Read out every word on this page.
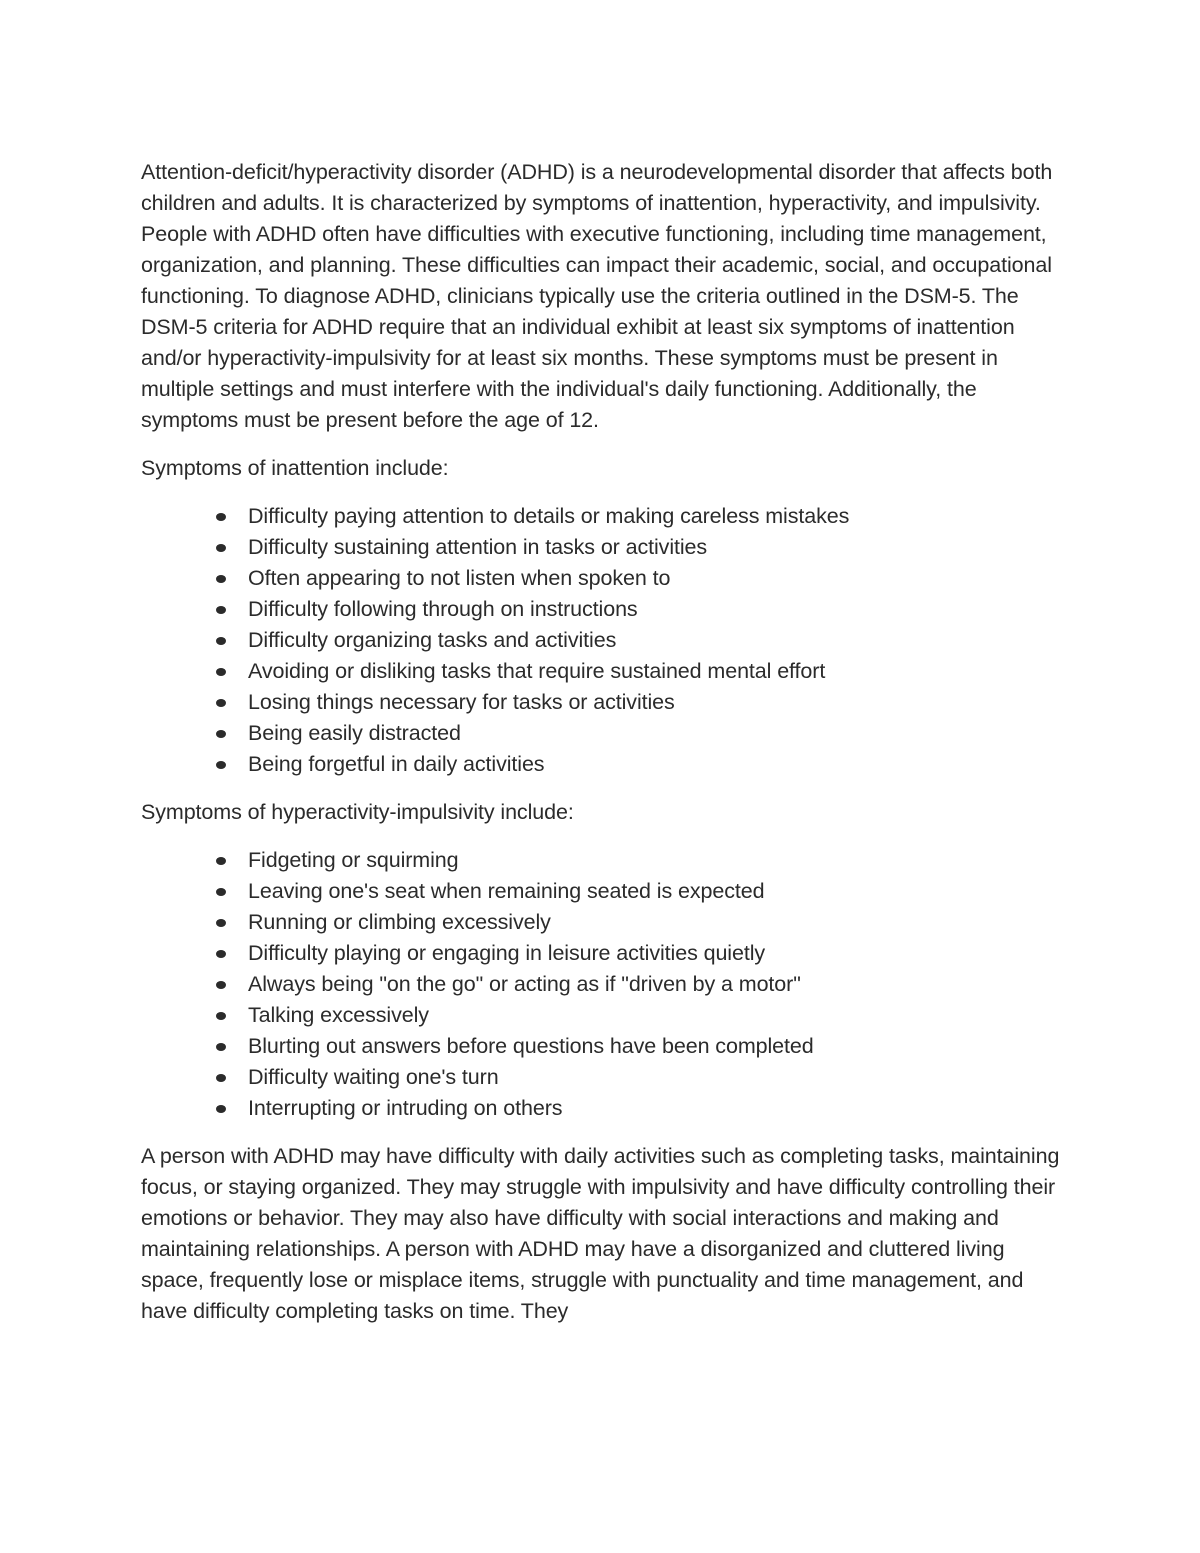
Attention-deficit/hyperactivity disorder (ADHD) is a neurodevelopmental disorder that affects both children and adults. It is characterized by symptoms of inattention, hyperactivity, and impulsivity. People with ADHD often have difficulties with executive functioning, including time management, organization, and planning. These difficulties can impact their academic, social, and occupational functioning. To diagnose ADHD, clinicians typically use the criteria outlined in the DSM-5. The DSM-5 criteria for ADHD require that an individual exhibit at least six symptoms of inattention and/or hyperactivity-impulsivity for at least six months. These symptoms must be present in multiple settings and must interfere with the individual's daily functioning. Additionally, the symptoms must be present before the age of 12.

Symptoms of inattention include:

Difficulty paying attention to details or making careless mistakes
Difficulty sustaining attention in tasks or activities
Often appearing to not listen when spoken to
Difficulty following through on instructions
Difficulty organizing tasks and activities
Avoiding or disliking tasks that require sustained mental effort
Losing things necessary for tasks or activities
Being easily distracted
Being forgetful in daily activities

Symptoms of hyperactivity-impulsivity include:

Fidgeting or squirming
Leaving one's seat when remaining seated is expected
Running or climbing excessively
Difficulty playing or engaging in leisure activities quietly
Always being "on the go" or acting as if "driven by a motor"
Talking excessively
Blurting out answers before questions have been completed
Difficulty waiting one's turn
Interrupting or intruding on others

A person with ADHD may have difficulty with daily activities such as completing tasks, maintaining focus, or staying organized. They may struggle with impulsivity and have difficulty controlling their emotions or behavior. They may also have difficulty with social interactions and making and maintaining relationships. A person with ADHD may have a disorganized and cluttered living space, frequently lose or misplace items, struggle with punctuality and time management, and have difficulty completing tasks on time. They
